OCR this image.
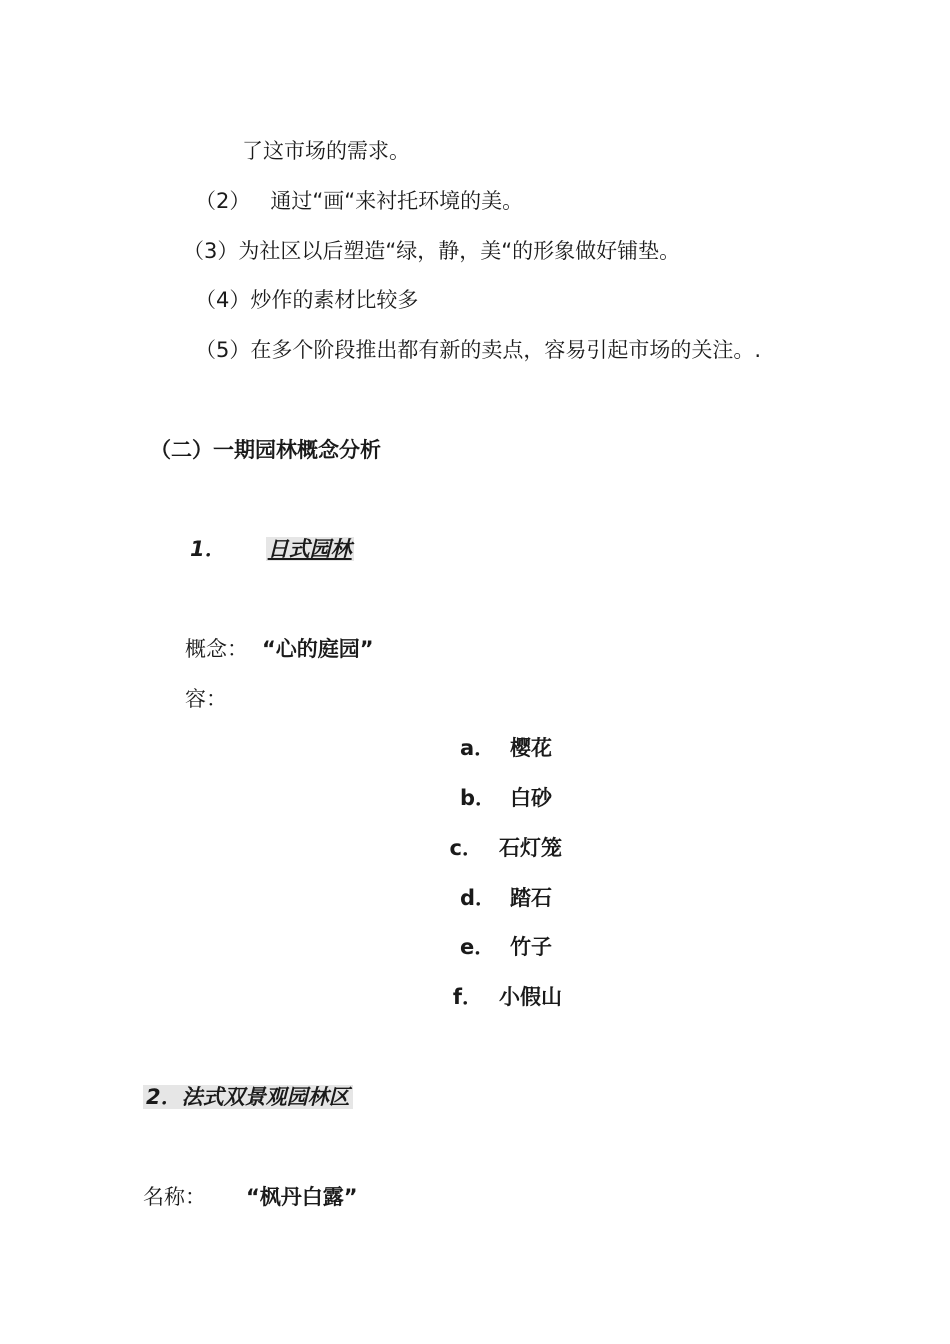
了这市场的需求。
（2） 通过“画“来衬托环境的美。
（3）为社区以后塑造“绿，静，美“的形象做好铺垫。
（4）炒作的素材比较多
（5）在多个阶段推出都有新的卖点，容易引起市场的关注。.
（二）一期园林概念分析
1． 日式园林
概念： “心的庭园”
容：
a． 樱花
b． 白砂
c． 石灯笼
d． 踏石
e． 竹子
f． 小假山
2．法式双景观园林区
名称： “枫丹白露”
